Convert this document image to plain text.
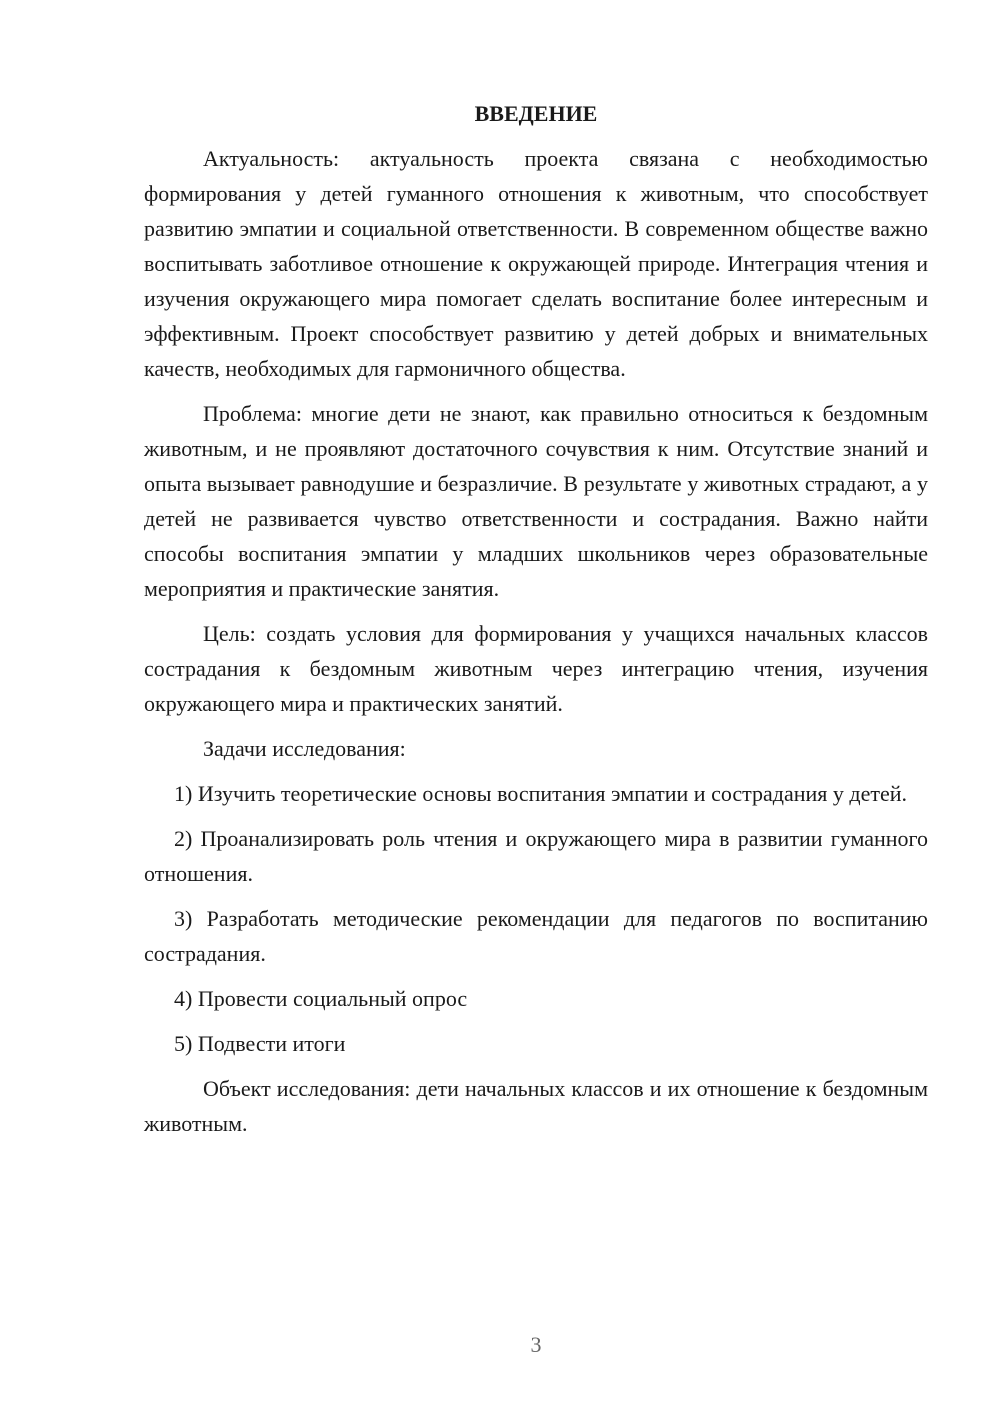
ВВЕДЕНИЕ

Актуальность: актуальность проекта связана с необходимостью формирования у детей гуманного отношения к животным, что способствует развитию эмпатии и социальной ответственности. В современном обществе важно воспитывать заботливое отношение к окружающей природе. Интеграция чтения и изучения окружающего мира помогает сделать воспитание более интересным и эффективным. Проект способствует развитию у детей добрых и внимательных качеств, необходимых для гармоничного общества.

Проблема: многие дети не знают, как правильно относиться к бездомным животным, и не проявляют достаточного сочувствия к ним. Отсутствие знаний и опыта вызывает равнодушие и безразличие. В результате у животных страдают, а у детей не развивается чувство ответственности и сострадания. Важно найти способы воспитания эмпатии у младших школьников через образовательные мероприятия и практические занятия.

Цель: создать условия для формирования у учащихся начальных классов сострадания к бездомным животным через интеграцию чтения, изучения окружающего мира и практических занятий.

Задачи исследования:

1) Изучить теоретические основы воспитания эмпатии и сострадания у детей.

2) Проанализировать роль чтения и окружающего мира в развитии гуманного отношения.

3) Разработать методические рекомендации для педагогов по воспитанию сострадания.

4) Провести социальный опрос

5) Подвести итоги

Объект исследования: дети начальных классов и их отношение к бездомным животным.

3
